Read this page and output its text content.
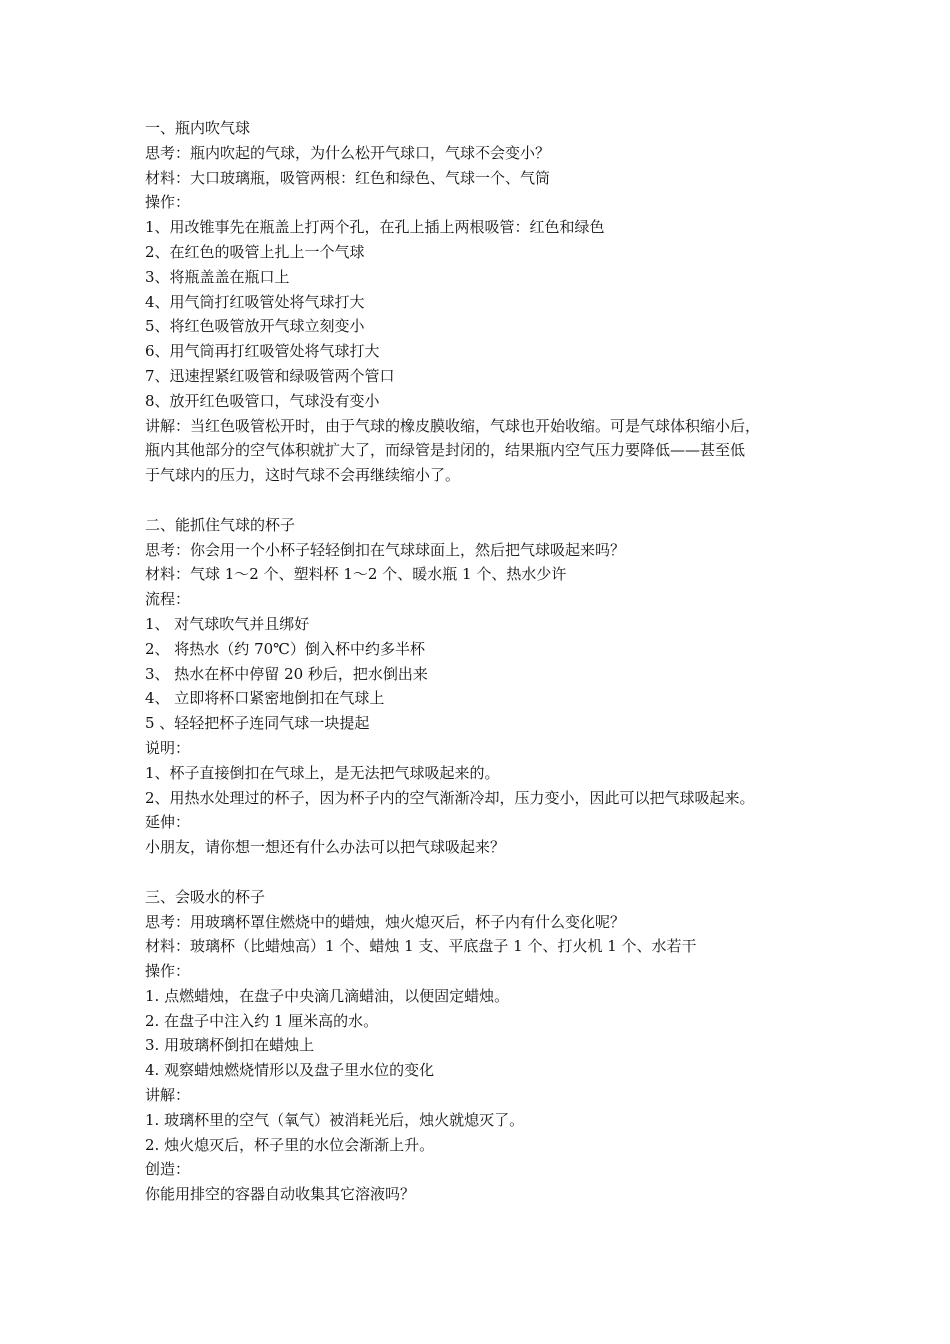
一、瓶内吹气球
思考：瓶内吹起的气球，为什么松开气球口，气球不会变小？
材料：大口玻璃瓶，吸管两根：红色和绿色、气球一个、气筒
操作：
1、用改锥事先在瓶盖上打两个孔，在孔上插上两根吸管：红色和绿色
2、在红色的吸管上扎上一个气球
3、将瓶盖盖在瓶口上
4、用气筒打红吸管处将气球打大
5、将红色吸管放开气球立刻变小
6、用气筒再打红吸管处将气球打大
7、迅速捏紧红吸管和绿吸管两个管口
8、放开红色吸管口，气球没有变小
讲解：当红色吸管松开时，由于气球的橡皮膜收缩，气球也开始收缩。可是气球体积缩小后，
瓶内其他部分的空气体积就扩大了，而绿管是封闭的，结果瓶内空气压力要降低——甚至低
于气球内的压力，这时气球不会再继续缩小了。
二、能抓住气球的杯子
思考：你会用一个小杯子轻轻倒扣在气球球面上，然后把气球吸起来吗？
材料：气球 1～2 个、塑料杯 1～2 个、暖水瓶 1 个、热水少许
流程：
1、 对气球吹气并且绑好
2、 将热水（约 70℃）倒入杯中约多半杯
3、 热水在杯中停留 20 秒后，把水倒出来
4、 立即将杯口紧密地倒扣在气球上
5 、轻轻把杯子连同气球一块提起
说明：
1、杯子直接倒扣在气球上，是无法把气球吸起来的。
2、用热水处理过的杯子，因为杯子内的空气渐渐冷却，压力变小，因此可以把气球吸起来。
延伸：
小朋友，请你想一想还有什么办法可以把气球吸起来？
三、会吸水的杯子
思考：用玻璃杯罩住燃烧中的蜡烛，烛火熄灭后，杯子内有什么变化呢？
材料：玻璃杯（比蜡烛高）1 个、蜡烛 1 支、平底盘子 1 个、打火机 1 个、水若干
操作：
1. 点燃蜡烛，在盘子中央滴几滴蜡油，以便固定蜡烛。
2. 在盘子中注入约 1 厘米高的水。
3. 用玻璃杯倒扣在蜡烛上
4. 观察蜡烛燃烧情形以及盘子里水位的变化
讲解：
1. 玻璃杯里的空气（氧气）被消耗光后，烛火就熄灭了。
2. 烛火熄灭后，杯子里的水位会渐渐上升。
创造：
你能用排空的容器自动收集其它溶液吗？
